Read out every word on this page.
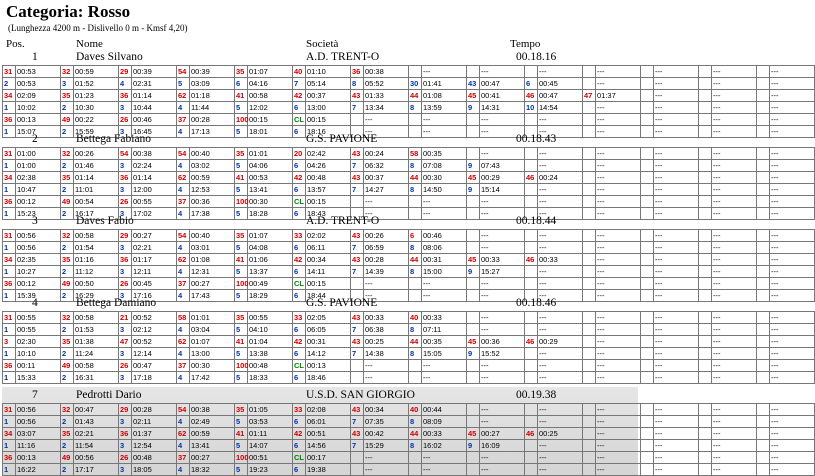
Categoria: Rosso
(Lunghezza 4200 m - Dislivello 0 m - Kmsf 4,20)
Pos.	Nome	Società	Tempo
1	Daves Silvano	A.D. TRENT-O	00.18.16
31	00:53	32	00:59	29	00:39	54	00:39	35	01:07	40	01:10	36	00:38		---		---		---		---		---		---		---
2	00:53	3	01:52	4	02:31	5	03:09	6	04:16	7	05:14	8	05:52	30	01:41	43	00:47	6	00:45		---		---		---		---
34	02:09	35	01:23	36	01:14	62	01:18	41	00:58	42	00:37	43	01:33	44	01:08	45	00:41	46	00:47	47	01:37		---		---		---
1	10:02	2	10:30	3	10:44	4	11:44	5	12:02	6	13:00	7	13:34	8	13:59	9	14:31	10	14:54		---		---		---		---
36	00:13	49	00:22	26	00:46	37	00:28	100	00:15	CL	00:15		---		---		---		---		---		---		---		---
1	15:07	2	15:59	3	16:45	4	17:13	5	18:01	6	18:16		---		---		---		---		---		---		---		---
2	Bettega Fabiano	G.S. PAVIONE	00.18.43
31	01:00	32	00:26	54	00:38	54	00:40	35	01:01	20	02:42	43	00:24	58	00:35		---		---		---		---		---		---
1	01:00	2	01:46	3	02:24	4	03:02	5	04:06	6	04:26	7	06:32	8	07:08	9	07:43		---		---		---		---		---
34	02:38	35	01:14	36	01:14	62	00:59	41	00:53	42	00:48	43	00:37	44	00:30	45	00:29	46	00:24		---		---		---		---
1	10:47	2	11:01	3	12:00	4	12:53	5	13:41	6	13:57	7	14:27	8	14:50	9	15:14		---		---		---		---		---
36	00:12	49	00:54	26	00:55	37	00:36	100	00:30	CL	00:15		---		---		---		---		---		---		---		---
1	15:23	2	16:17	3	17:02	4	17:38	5	18:28	6	18:43		---		---		---		---		---		---		---		---
3	Daves Fabio	A.D. TRENT-O	00.18.44
31	00:56	32	00:58	29	00:27	54	00:40	35	01:07	33	02:02	43	00:26	6	00:46		---		---		---		---		---		---
1	00:56	2	01:54	3	02:21	4	03:01	5	04:08	6	06:11	7	06:59	8	08:06		---		---		---		---		---		---
34	02:35	35	01:16	36	01:17	62	01:08	41	01:06	42	00:34	43	00:28	44	00:31	45	00:33	46	00:33		---		---		---		---
1	10:27	2	11:12	3	12:11	4	12:31	5	13:37	6	14:11	7	14:39	8	15:00	9	15:27		---		---		---		---		---
36	00:12	49	00:50	26	00:45	37	00:27	100	00:49	CL	00:15		---		---		---		---		---		---		---		---
1	15:39	2	16:29	3	17:16	4	17:43	5	18:29	6	18:44		---		---		---		---		---		---		---		---
4	Bettega Damiano	G.S. PAVIONE	00.18.46
31	00:55	32	00:58	21	00:52	58	01:01	35	00:55	33	02:05	43	00:33	40	00:33		---		---		---		---		---		---
1	00:55	2	01:53	3	02:12	4	03:04	5	04:10	6	06:05	7	06:38	8	07:11		---		---		---		---		---		---
3	02:30	35	01:38	47	00:52	62	01:07	41	01:04	42	00:31	43	00:25	44	00:35	45	00:36	46	00:29		---		---		---		---
1	10:10	2	11:24	3	12:14	4	13:00	5	13:38	6	14:12	7	14:38	8	15:05	9	15:52		---		---		---		---		---
36	00:11	49	00:58	26	00:47	37	00:30	100	00:48	CL	00:13		---		---		---		---		---		---		---		---
1	15:33	2	16:31	3	17:18	4	17:42	5	18:33	6	18:46		---		---		---		---		---		---		---		---
7	Pedrotti Dario	U.S.D. SAN GIORGIO	00.19.38
31	00:56	32	00:47	29	00:28	54	00:38	35	01:05	33	02:08	43	00:34	40	00:44		---		---		---		---		---		---
1	00:56	2	01:43	3	02:11	4	02:49	5	03:53	6	06:01	7	07:35	8	08:09		---		---		---		---		---		---
34	03:07	35	02:21	36	01:37	62	00:59	41	01:11	42	00:51	43	00:42	44	00:33	45	00:27	46	00:25		---		---		---		---
1	11:16	2	11:54	3	12:54	4	13:41	5	14:07	6	14:56	7	15:29	8	16:02	9	16:09		---		---		---		---		---
36	00:13	49	00:56	26	00:48	37	00:27	100	00:51	CL	00:17		---		---		---		---		---		---		---		---
1	16:22	2	17:17	3	18:05	4	18:32	5	19:23	6	19:38		---		---		---		---		---		---		---		---
